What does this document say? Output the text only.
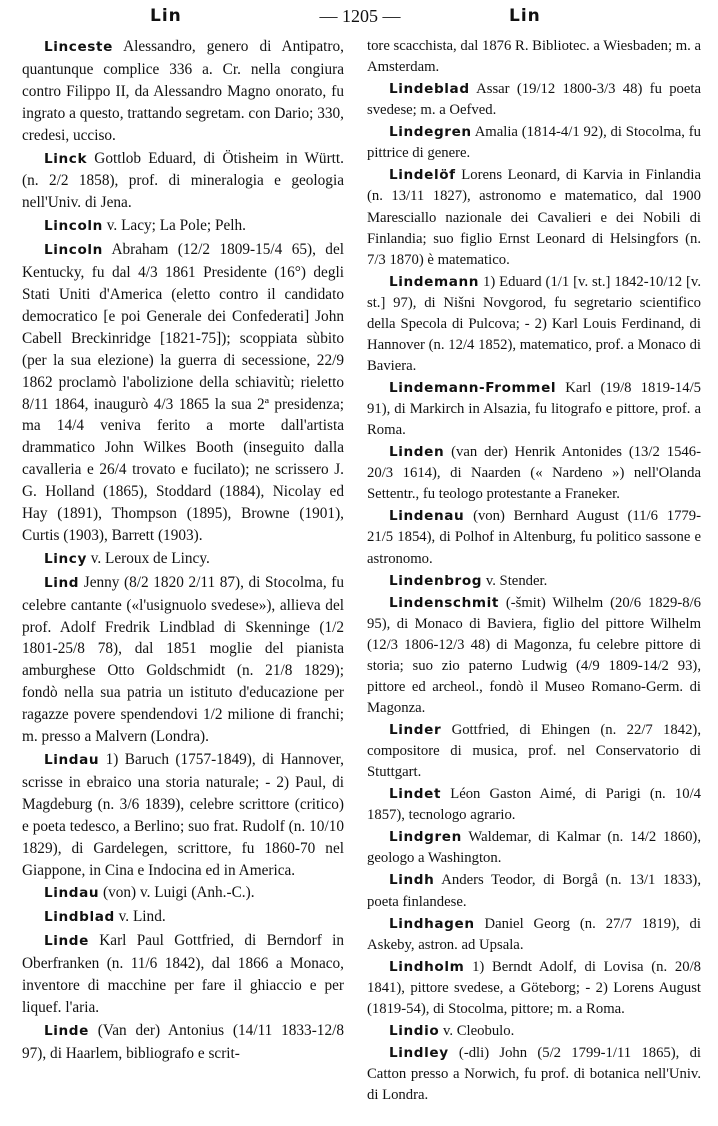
Lin	— 1205 —	Lin

Linceste Alessandro, genero di Antipatro, quantunque complice 336 a. Cr. nella congiura contro Filippo II, da Alessandro Magno onorato, fu ingrato a questo, trattando segretam. con Dario; 330, credesi, ucciso.

Linck Gottlob Eduard, di Ötisheim in Württ. (n. 2/2 1858), prof. di mineralogia e geologia nell'Univ. di Jena.

Lincoln v. Lacy; La Pole; Pelh.

Lincoln Abraham (12/2 1809-15/4 65), del Kentucky, fu dal 4/3 1861 Presidente (16°) degli Stati Uniti d'America (eletto contro il candidato democratico [e poi Generale dei Confederati] John Cabell Breckinridge [1821-75]); scoppiata sùbito (per la sua elezione) la guerra di secessione, 22/9 1862 proclamò l'abolizione della schiavitù; rieletto 8/11 1864, inaugurò 4/3 1865 la sua 2ª presidenza; ma 14/4 veniva ferito a morte dall'artista drammatico John Wilkes Booth (inseguito dalla cavalleria e 26/4 trovato e fucilato); ne scrissero J. G. Holland (1865), Stoddard (1884), Nicolay ed Hay (1891), Thompson (1895), Browne (1901), Curtis (1903), Barrett (1903).

Lincy v. Leroux de Lincy.

Lind Jenny (8/2 1820 2/11 87), di Stocolma, fu celebre cantante («l'usignuolo svedese»), allieva del prof. Adolf Fredrik Lindblad di Skenninge (1/2 1801-25/8 78), dal 1851 moglie del pianista amburghese Otto Goldschmidt (n. 21/8 1829); fondò nella sua patria un istituto d'educazione per ragazze povere spendendovi 1/2 milione di franchi; m. presso a Malvern (Londra).

Lindau 1) Baruch (1757-1849), di Hannover, scrisse in ebraico una storia naturale; - 2) Paul, di Magdeburg (n. 3/6 1839), celebre scrittore (critico) e poeta tedesco, a Berlino; suo frat. Rudolf (n. 10/10 1829), di Gardelegen, scrittore, fu 1860-70 nel Giappone, in Cina e Indocina ed in America.

Lindau (von) v. Luigi (Anh.-C.).

Lindblad v. Lind.

Linde Karl Paul Gottfried, di Berndorf in Oberfranken (n. 11/6 1842), dal 1866 a Monaco, inventore di macchine per fare il ghiaccio e per liquef. l'aria.

Linde (Van der) Antonius (14/11 1833-12/8 97), di Haarlem, bibliografo e scrit-

tore scacchista, dal 1876 R. Bibliotec. a Wiesbaden; m. a Amsterdam.

Lindeblad Assar (19/12 1800-3/3 48) fu poeta svedese; m. a Oefved.

Lindegren Amalia (1814-4/1 92), di Stocolma, fu pittrice di genere.

Lindelöf Lorens Leonard, di Karvia in Finlandia (n. 13/11 1827), astronomo e matematico, dal 1900 Maresciallo nazionale dei Cavalieri e dei Nobili di Finlandia; suo figlio Ernst Leonard di Helsingfors (n. 7/3 1870) è matematico.

Lindemann 1) Eduard (1/1 [v. st.] 1842-10/12 [v. st.] 97), di Nišni Novgorod, fu segretario scientifico della Specola di Pulcova; - 2) Karl Louis Ferdinand, di Hannover (n. 12/4 1852), matematico, prof. a Monaco di Baviera.

Lindemann-Frommel Karl (19/8 1819-14/5 91), di Markirch in Alsazia, fu litografo e pittore, prof. a Roma.

Linden (van der) Henrik Antonides (13/2 1546-20/3 1614), di Naarden (« Nardeno ») nell'Olanda Settentr., fu teologo protestante a Franeker.

Lindenau (von) Bernhard August (11/6 1779-21/5 1854), di Polhof in Altenburg, fu politico sassone e astronomo.

Lindenbrog v. Stender.

Lindenschmit (-šmit) Wilhelm (20/6 1829-8/6 95), di Monaco di Baviera, figlio del pittore Wilhelm (12/3 1806-12/3 48) di Magonza, fu celebre pittore di storia; suo zio paterno Ludwig (4/9 1809-14/2 93), pittore ed archeol., fondò il Museo Romano-Germ. di Magonza.

Linder Gottfried, di Ehingen (n. 22/7 1842), compositore di musica, prof. nel Conservatorio di Stuttgart.

Lindet Léon Gaston Aimé, di Parigi (n. 10/4 1857), tecnologo agrario.

Lindgren Waldemar, di Kalmar (n. 14/2 1860), geologo a Washington.

Lindh Anders Teodor, di Borgå (n. 13/1 1833), poeta finlandese.

Lindhagen Daniel Georg (n. 27/7 1819), di Askeby, astron. ad Upsala.

Lindholm 1) Berndt Adolf, di Lovisa (n. 20/8 1841), pittore svedese, a Göteborg; - 2) Lorens August (1819-54), di Stocolma, pittore; m. a Roma.

Lindio v. Cleobulo.

Lindley (-dli) John (5/2 1799-1/11 1865), di Catton presso a Norwich, fu prof. di botanica nell'Univ. di Londra.
